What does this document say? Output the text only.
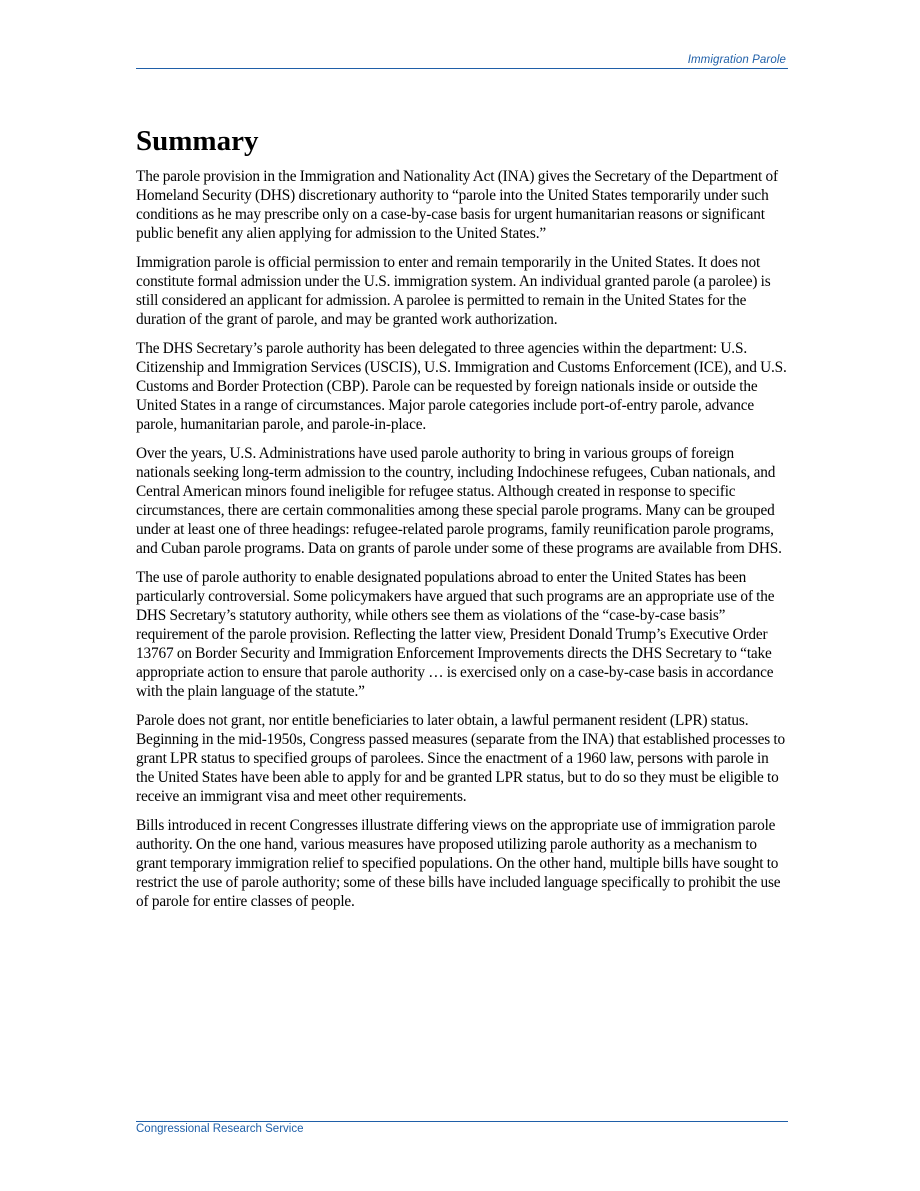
Immigration Parole
Summary

The parole provision in the Immigration and Nationality Act (INA) gives the Secretary of the Department of Homeland Security (DHS) discretionary authority to “parole into the United States temporarily under such conditions as he may prescribe only on a case-by-case basis for urgent humanitarian reasons or significant public benefit any alien applying for admission to the United States.”

Immigration parole is official permission to enter and remain temporarily in the United States. It does not constitute formal admission under the U.S. immigration system. An individual granted parole (a parolee) is still considered an applicant for admission. A parolee is permitted to remain in the United States for the duration of the grant of parole, and may be granted work authorization.

The DHS Secretary’s parole authority has been delegated to three agencies within the department: U.S. Citizenship and Immigration Services (USCIS), U.S. Immigration and Customs Enforcement (ICE), and U.S. Customs and Border Protection (CBP). Parole can be requested by foreign nationals inside or outside the United States in a range of circumstances. Major parole categories include port-of-entry parole, advance parole, humanitarian parole, and parole-in-place.

Over the years, U.S. Administrations have used parole authority to bring in various groups of foreign nationals seeking long-term admission to the country, including Indochinese refugees, Cuban nationals, and Central American minors found ineligible for refugee status. Although created in response to specific circumstances, there are certain commonalities among these special parole programs. Many can be grouped under at least one of three headings: refugee-related parole programs, family reunification parole programs, and Cuban parole programs. Data on grants of parole under some of these programs are available from DHS.

The use of parole authority to enable designated populations abroad to enter the United States has been particularly controversial. Some policymakers have argued that such programs are an appropriate use of the DHS Secretary’s statutory authority, while others see them as violations of the “case-by-case basis” requirement of the parole provision. Reflecting the latter view, President Donald Trump’s Executive Order 13767 on Border Security and Immigration Enforcement Improvements directs the DHS Secretary to “take appropriate action to ensure that parole authority … is exercised only on a case-by-case basis in accordance with the plain language of the statute.”

Parole does not grant, nor entitle beneficiaries to later obtain, a lawful permanent resident (LPR) status. Beginning in the mid-1950s, Congress passed measures (separate from the INA) that established processes to grant LPR status to specified groups of parolees. Since the enactment of a 1960 law, persons with parole in the United States have been able to apply for and be granted LPR status, but to do so they must be eligible to receive an immigrant visa and meet other requirements.

Bills introduced in recent Congresses illustrate differing views on the appropriate use of immigration parole authority. On the one hand, various measures have proposed utilizing parole authority as a mechanism to grant temporary immigration relief to specified populations. On the other hand, multiple bills have sought to restrict the use of parole authority; some of these bills have included language specifically to prohibit the use of parole for entire classes of people.

Congressional Research Service
